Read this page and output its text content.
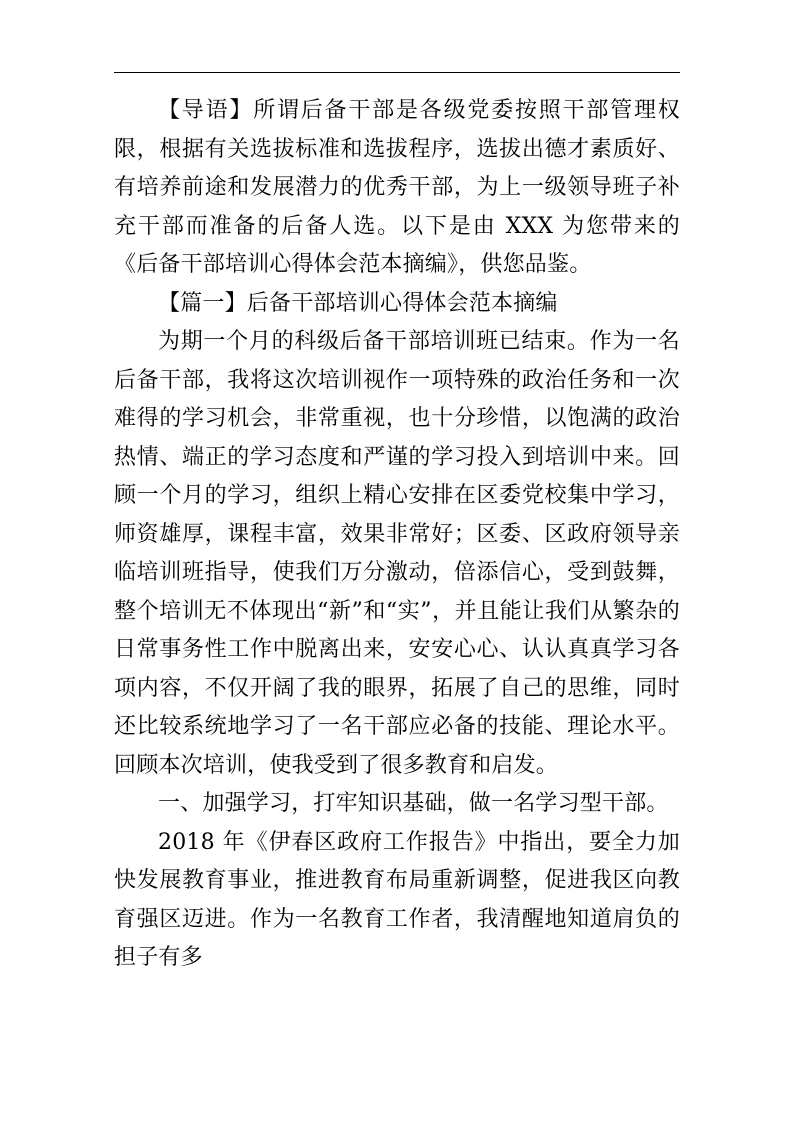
【导语】所谓后备干部是各级党委按照干部管理权限，根据有关选拔标准和选拔程序，选拔出德才素质好、有培养前途和发展潜力的优秀干部，为上一级领导班子补充干部而准备的后备人选。以下是由 XXX 为您带来的《后备干部培训心得体会范本摘编》，供您品鉴。

【篇一】后备干部培训心得体会范本摘编

为期一个月的科级后备干部培训班已结束。作为一名后备干部，我将这次培训视作一项特殊的政治任务和一次难得的学习机会，非常重视，也十分珍惜，以饱满的政治热情、端正的学习态度和严谨的学习投入到培训中来。回顾一个月的学习，组织上精心安排在区委党校集中学习，师资雄厚，课程丰富，效果非常好；区委、区政府领导亲临培训班指导，使我们万分激动，倍添信心，受到鼓舞，整个培训无不体现出“新”和“实”，并且能让我们从繁杂的日常事务性工作中脱离出来，安安心心、认认真真学习各项内容，不仅开阔了我的眼界，拓展了自己的思维，同时还比较系统地学习了一名干部应必备的技能、理论水平。回顾本次培训，使我受到了很多教育和启发。

一、加强学习，打牢知识基础，做一名学习型干部。

2018 年《伊春区政府工作报告》中指出，要全力加快发展教育事业，推进教育布局重新调整，促进我区向教育强区迈进。作为一名教育工作者，我清醒地知道肩负的担子有多
